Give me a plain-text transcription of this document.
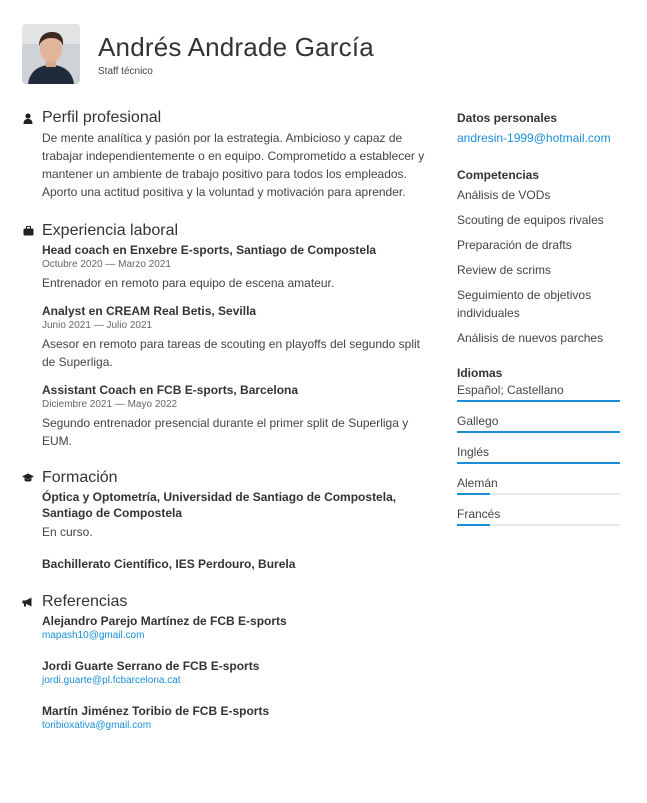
Andrés Andrade García
Staff técnico
Perfil profesional
De mente analítica y pasión por la estrategia. Ambicioso y capaz de trabajar independientemente o en equipo. Comprometido a establecer y mantener un ambiente de trabajo positivo para todos los empleados. Aporto una actitud positiva y la voluntad y motivación para aprender.
Experiencia laboral
Head coach en Enxebre E-sports, Santiago de Compostela
Octubre 2020 — Marzo 2021
Entrenador en remoto para equipo de escena amateur.
Analyst en CREAM Real Betis, Sevilla
Junio 2021 — Julio 2021
Asesor en remoto para tareas de scouting en playoffs del segundo split de Superliga.
Assistant Coach en FCB E-sports, Barcelona
Diciembre 2021 — Mayo 2022
Segundo entrenador presencial durante el primer split de Superliga y EUM.
Formación
Óptica y Optometría, Universidad de Santiago de Compostela, Santiago de Compostela
En curso.
Bachillerato Científico, IES Perdouro, Burela
Referencias
Alejandro Parejo Martínez de FCB E-sports
mapash10@gmail.com
Jordi Guarte Serrano de FCB E-sports
jordi.guarte@pl.fcbarcelona.cat
Martín Jiménez Toribio de FCB E-sports
toribioxativa@gmail.com
Datos personales
andresin-1999@hotmail.com
Competencias
Análisis de VODs
Scouting de equipos rivales
Preparación de drafts
Review de scrims
Seguimiento de objetivos individuales
Análisis de nuevos parches
Idiomas
Español; Castellano
Gallego
Inglés
Alemán
Francés
